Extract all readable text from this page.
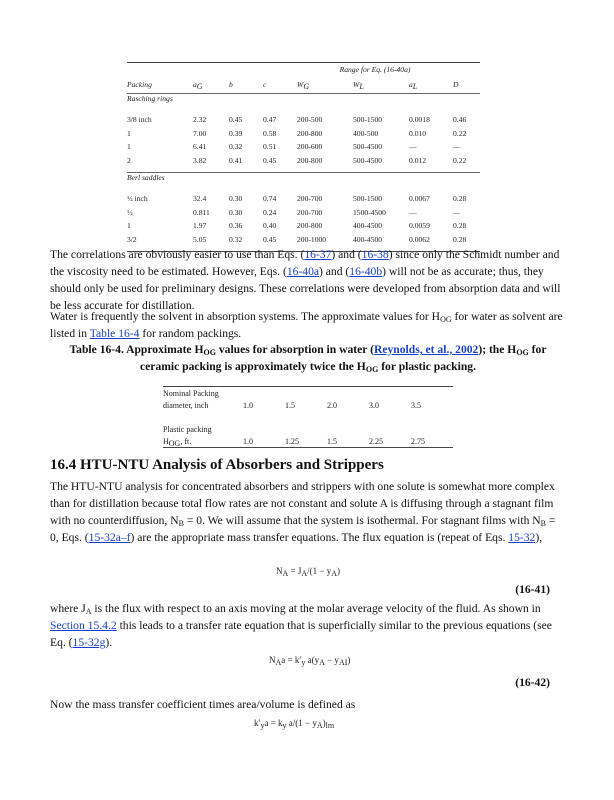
				Range for Eq. (16-40a)			
Packing	$a_G$	b	c	$W_G$	$W_L$	$a_L$	D

Rasching rings							
3/8 inch	2.32	0.45	0.47	200-500	500-1500	0.0018	0.46
1	7.00	0.39	0.58	200-800	400-500	0.010	0.22
1	6.41	0.32	0.51	200-600	500-4500	—	—
2	3.82	0.41	0.45	200-800	500-4500	0.012	0.22

Berl saddles							
½ inch	32.4	0.30	0.74	200-700	500-1500	0.0067	0.28
½	0.811	0.30	0.24	200-700	1500-4500	—	—
1	1.97	0.36	0.40	200-800	400-4500	0.0059	0.28
3/2	5.05	0.32	0.45	200-1000	400-4500	0.0062	0.28

The correlations are obviously easier to use than Eqs. (16-37) and (16-38) since only the Schmidt number and the viscosity need to be estimated. However, Eqs. (16-40a) and (16-40b) will not be as accurate; thus, they should only be used for preliminary designs. These correlations were developed from absorption data and will be less accurate for distillation.
Water is frequently the solvent in absorption systems. The approximate values for $H_{OG}$ for water as solvent are listed in Table 16-4 for random packings.
Table 16-4. Approximate $H_{OG}$ values for absorption in water (Reynolds, et al., 2002); the $H_{OG}$ for ceramic packing is approximately twice the $H_{OG}$ for plastic packing.

Nominal Packing					
diameter, inch	1.0	1.5	2.0	3.0	3.5

Plastic packing					
$H_{OG}$, ft.	1.0	1.25	1.5	2.25	2.75

16.4 HTU-NTU Analysis of Absorbers and Strippers
The HTU-NTU analysis for concentrated absorbers and strippers with one solute is somewhat more complex than for distillation because total flow rates are not constant and solute A is diffusing through a stagnant film with no counterdiffusion, $N_B = 0$. We will assume that the system is isothermal. For stagnant films with $N_B = 0$, Eqs. (15-32a–f) are the appropriate mass transfer equations. The flux equation is (repeat of Eqs. 15-32),
$N_A = J_A/(1 - y_A)$
(16-41)
where $J_A$ is the flux with respect to an axis moving at the molar average velocity of the fluid. As shown in Section 15.4.2 this leads to a transfer rate equation that is superficially similar to the previous equations (see Eq. (15-32g).
$N_Aa = k'_y$ $a(y_A - y_{AI})$
(16-42)
Now the mass transfer coefficient times area/volume is defined as
$k'_ya = k_y$ $a/(1 - y_A)_{lm}$
